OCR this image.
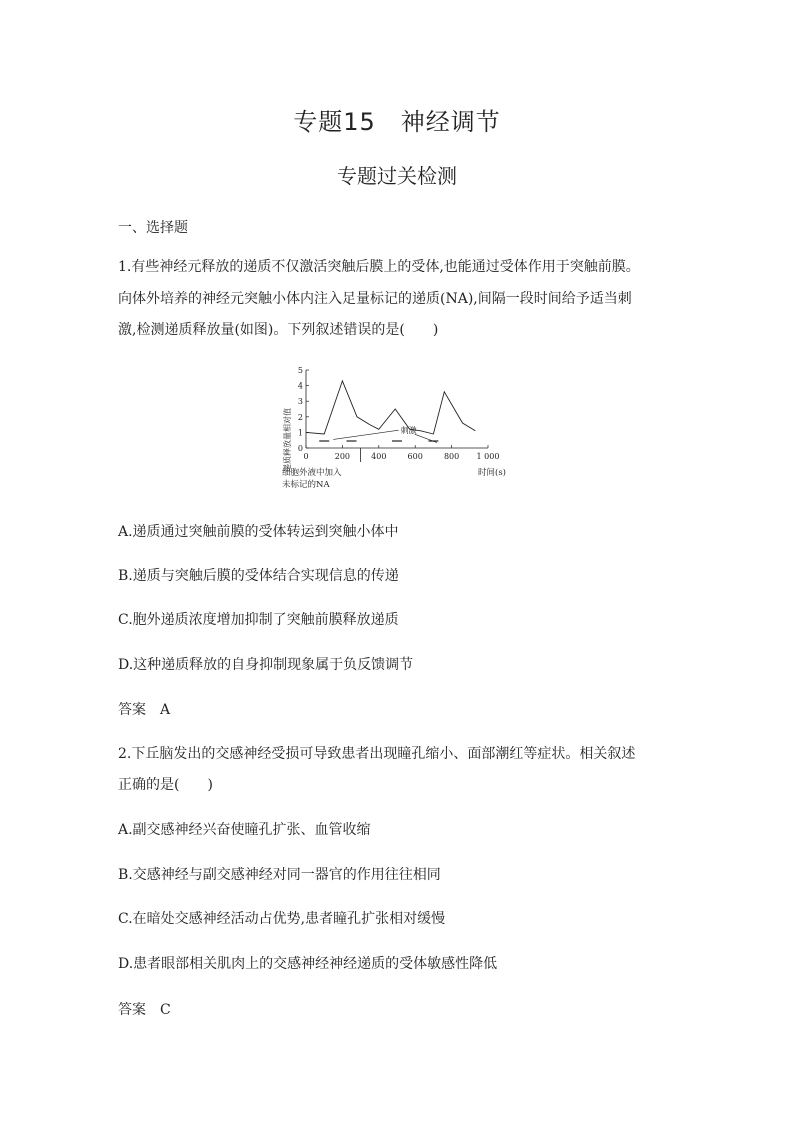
专题15　神经调节
专题过关检测
一、选择题
1.有些神经元释放的递质不仅激活突触后膜上的受体,也能通过受体作用于突触前膜。
向体外培养的神经元突触小体内注入足量标记的递质(NA),间隔一段时间给予适当刺
激,检测递质释放量(如图)。下列叙述错误的是(　　)
递质释放量相对值 0
1
2
3
4
5
0	200	400	600	800 1 000
刺激
细胞外液中加入
未标记的NA
时间(s)
A.递质通过突触前膜的受体转运到突触小体中
B.递质与突触后膜的受体结合实现信息的传递
C.胞外递质浓度增加抑制了突触前膜释放递质
D.这种递质释放的自身抑制现象属于负反馈调节
答案　A
2.下丘脑发出的交感神经受损可导致患者出现瞳孔缩小、面部潮红等症状。相关叙述
正确的是(　　)
A.副交感神经兴奋使瞳孔扩张、血管收缩
B.交感神经与副交感神经对同一器官的作用往往相同
C.在暗处交感神经活动占优势,患者瞳孔扩张相对缓慢
D.患者眼部相关肌肉上的交感神经神经递质的受体敏感性降低
答案　C
